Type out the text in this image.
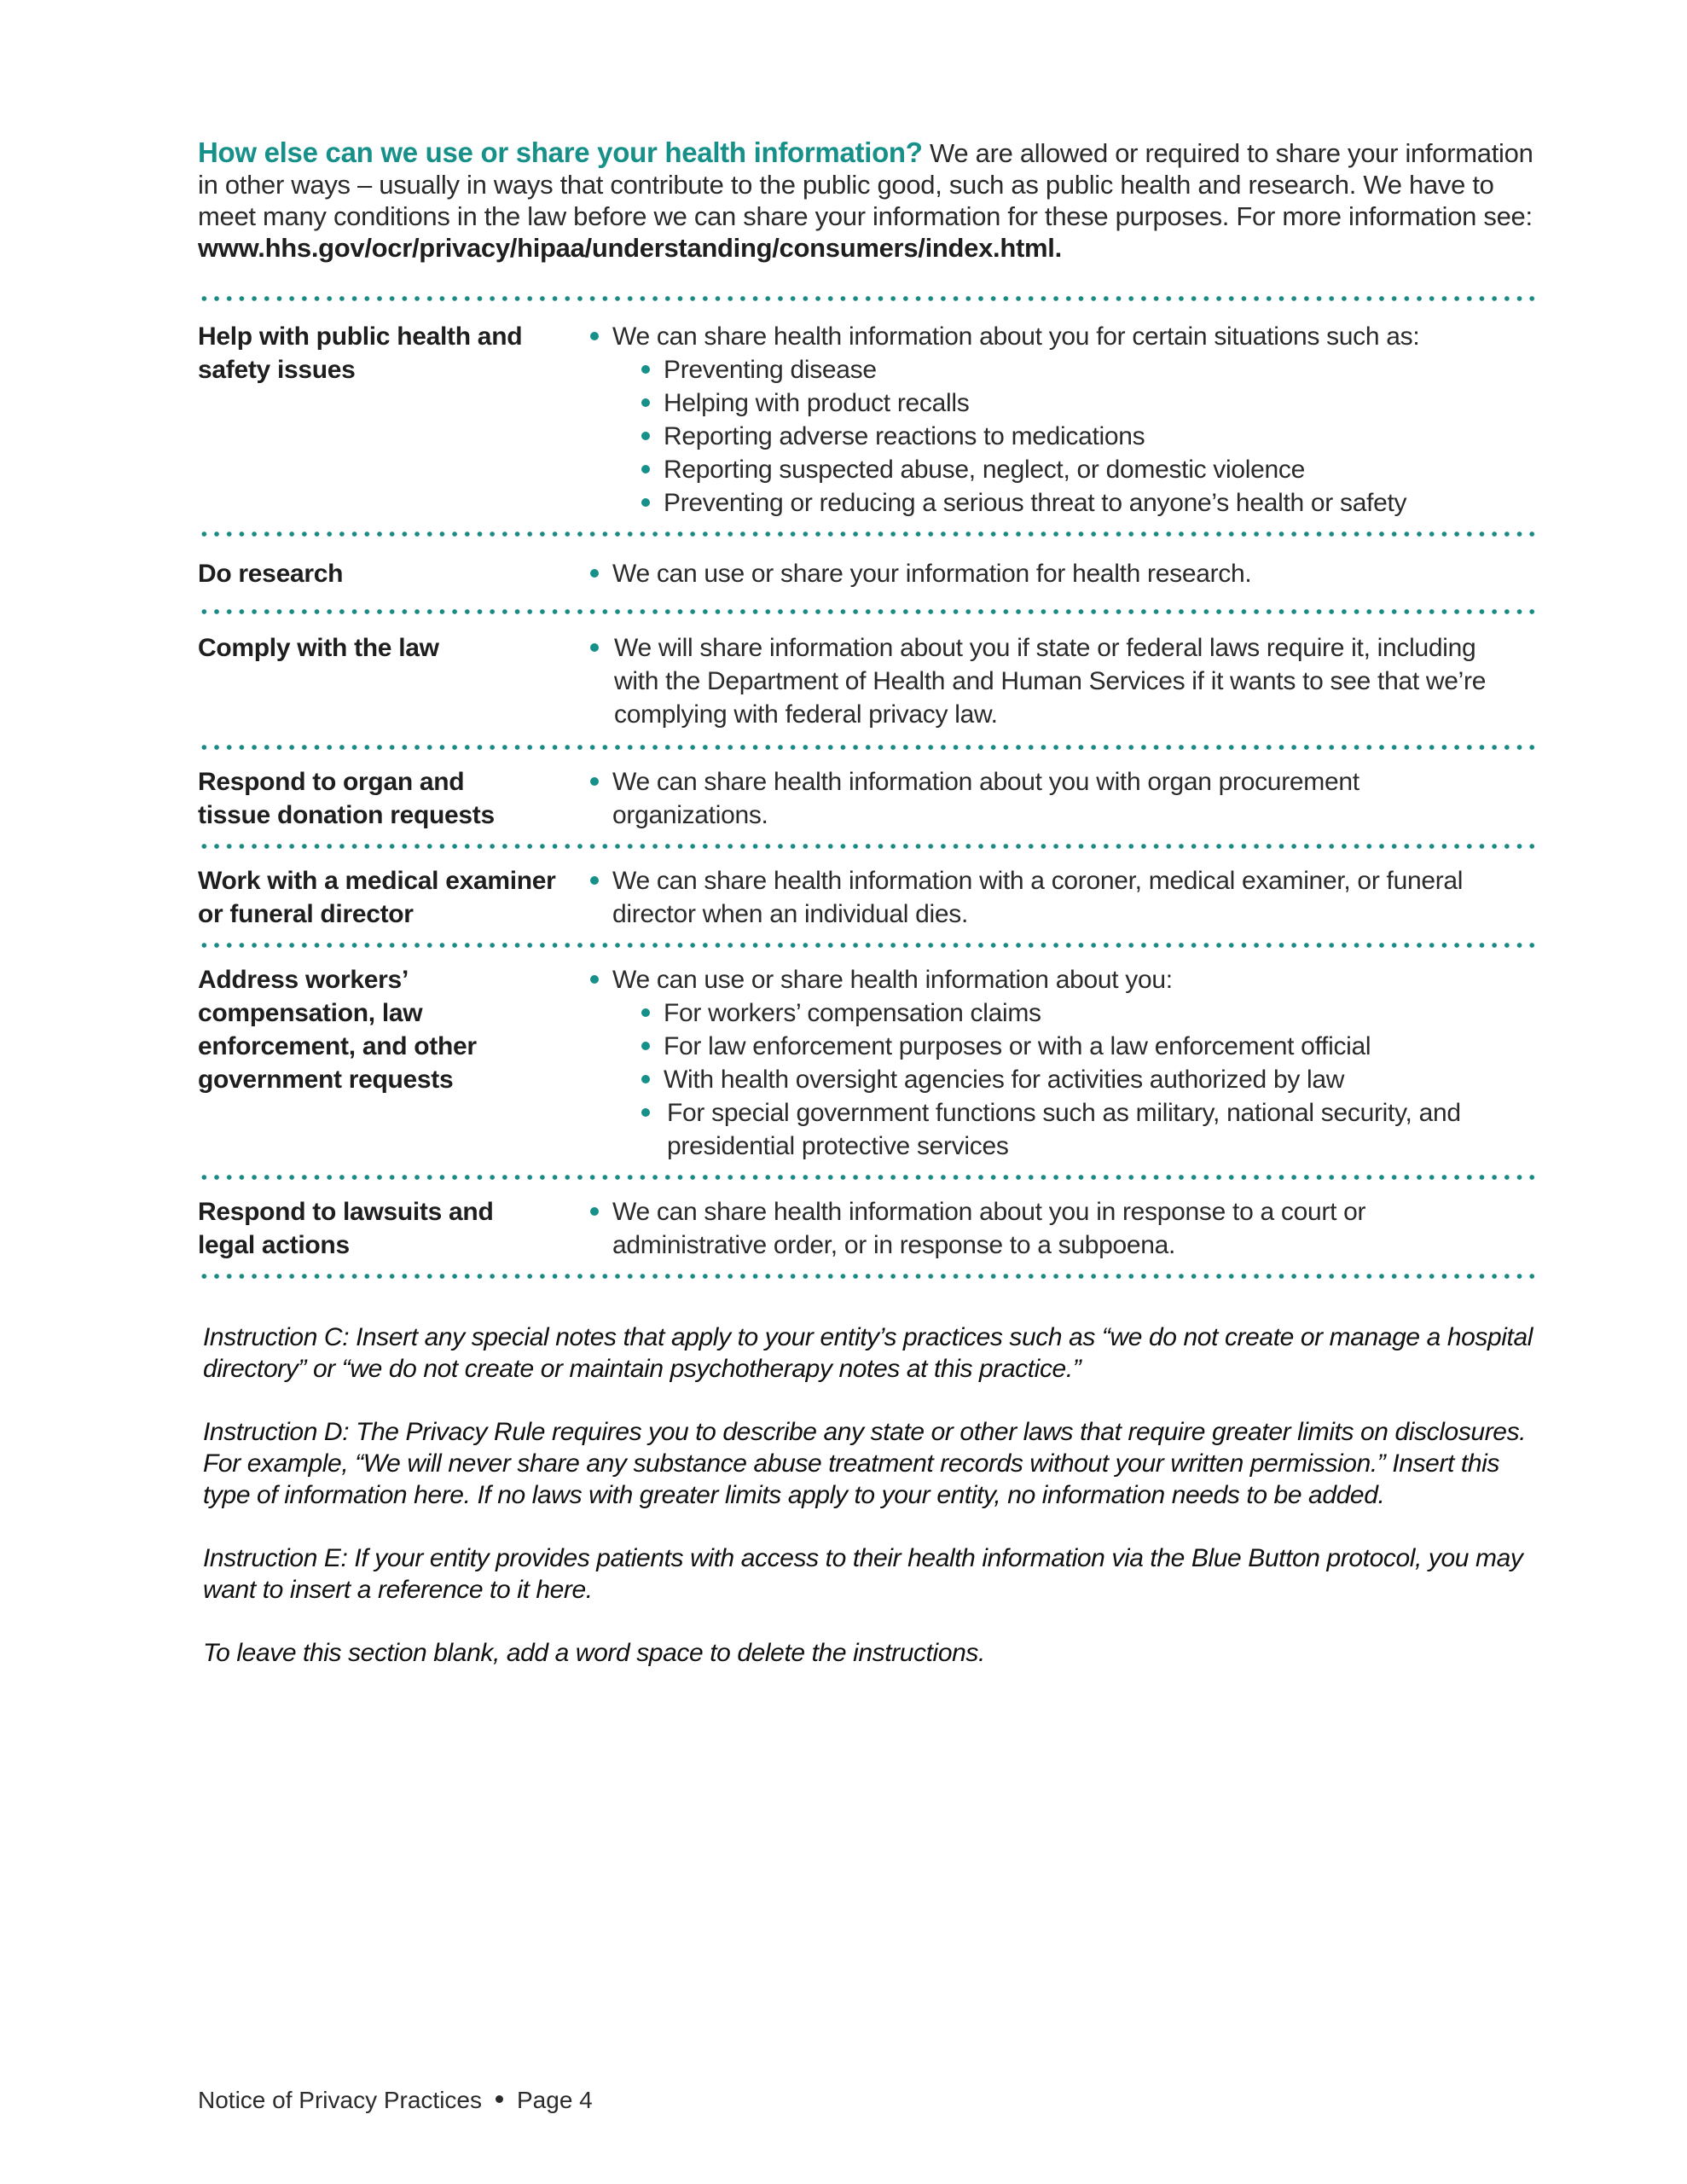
How else can we use or share your health information? We are allowed or required to share your information in other ways – usually in ways that contribute to the public good, such as public health and research. We have to meet many conditions in the law before we can share your information for these purposes. For more information see: www.hhs.gov/ocr/privacy/hipaa/understanding/consumers/index.html.
Help with public health and safety issues
We can share health information about you for certain situations such as:
Preventing disease
Helping with product recalls
Reporting adverse reactions to medications
Reporting suspected abuse, neglect, or domestic violence
Preventing or reducing a serious threat to anyone’s health or safety
Do research	We can use or share your information for health research.
Comply with the law	We will share information about you if state or federal laws require it, including with the Department of Health and Human Services if it wants to see that we’re complying with federal privacy law.
Respond to organ and tissue donation requests
We can share health information about you with organ procurement organizations.
Work with a medical examiner or funeral director
We can share health information with a coroner, medical examiner, or funeral director when an individual dies.
Address workers’ compensation, law enforcement, and other government requests
We can use or share health information about you:
For workers’ compensation claims
For law enforcement purposes or with a law enforcement official
With health oversight agencies for activities authorized by law
For special government functions such as military, national security, and presidential protective services
Respond to lawsuits and legal actions
We can share health information about you in response to a court or administrative order, or in response to a subpoena.

Instruction C: Insert any special notes that apply to your entity’s practices such as “we do not create or manage a hospital directory” or “we do not create or maintain psychotherapy notes at this practice.”

Instruction D: The Privacy Rule requires you to describe any state or other laws that require greater limits on disclosures. For example, “We will never share any substance abuse treatment records without your written permission.” Insert this type of information here. If no laws with greater limits apply to your entity, no information needs to be added.

Instruction E: If your entity provides patients with access to their health information via the Blue Button protocol, you may want to insert a reference to it here.

To leave this section blank, add a word space to delete the instructions.

Notice of Privacy Practices Page 4
